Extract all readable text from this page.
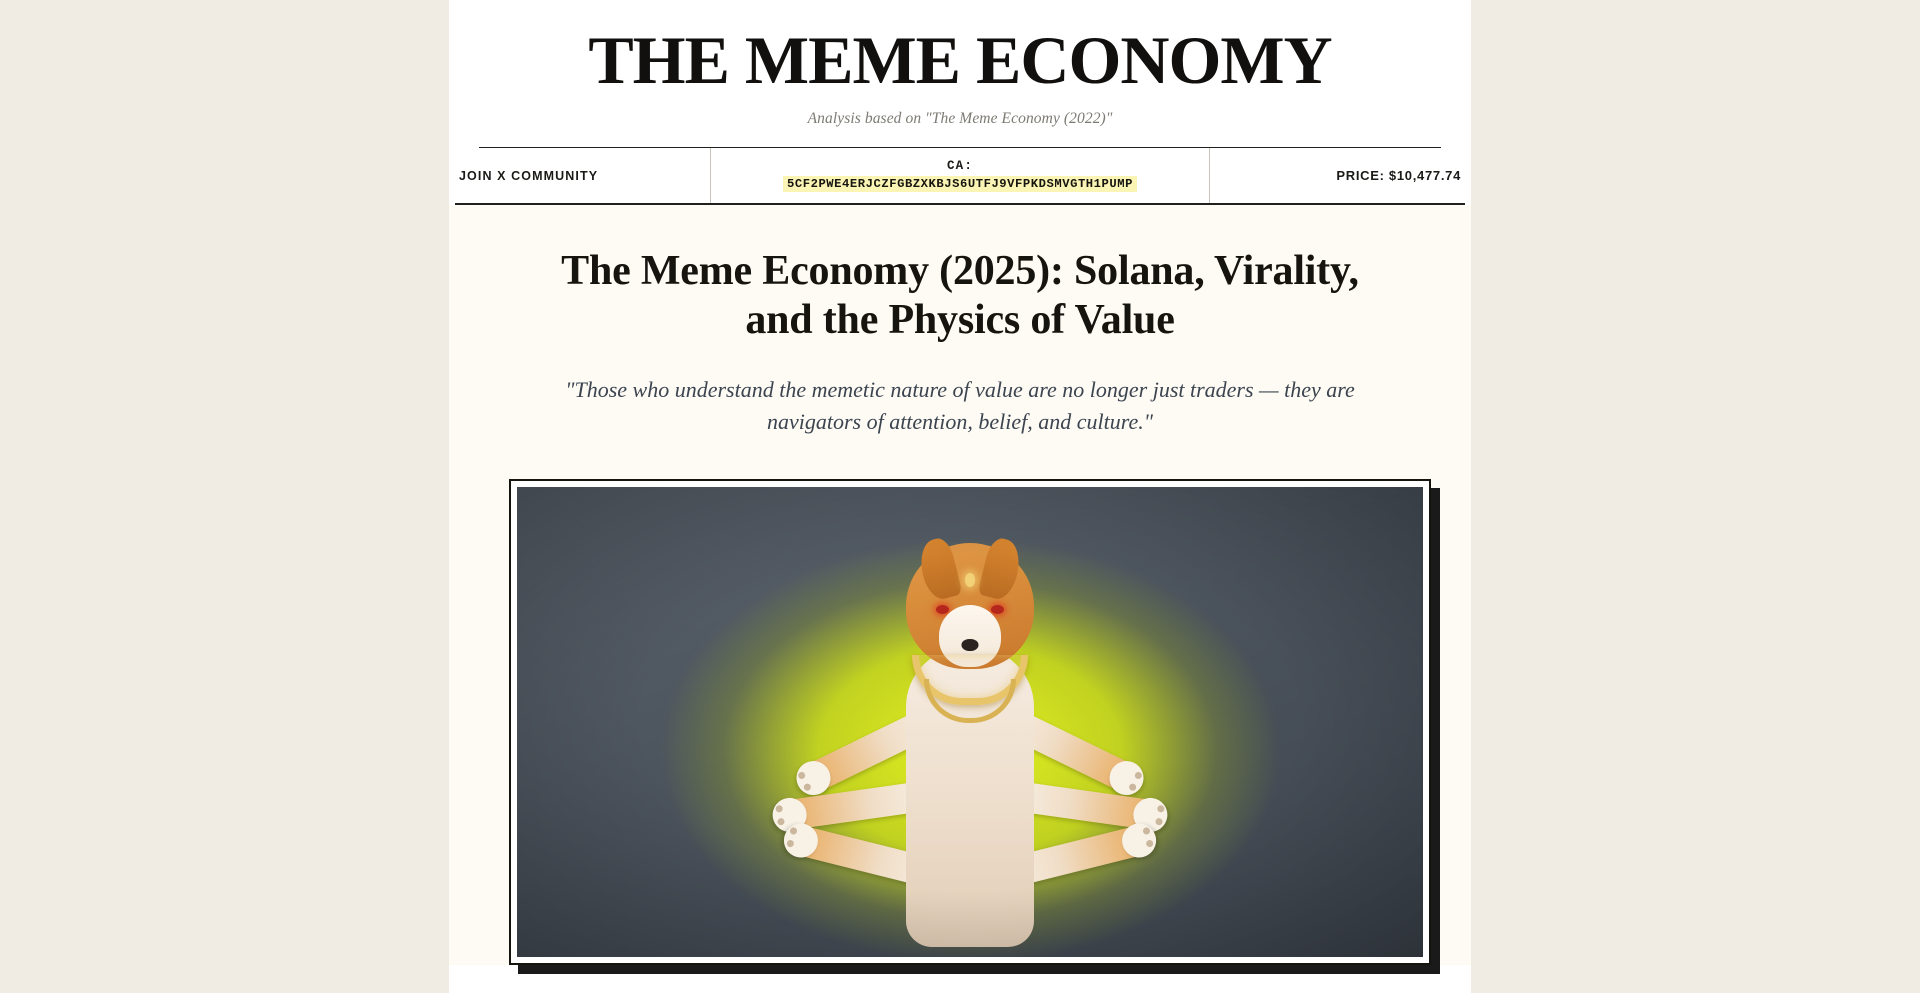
THE MEME ECONOMY
Analysis based on "The Meme Economy (2022)"
JOIN X COMMUNITY
CA:
5CF2PWE4ERJCZFGBZXKBJS6UTFJ9VFPKDSMVGTH1PUMP
PRICE: $10,477.74
The Meme Economy (2025): Solana, Virality, and the Physics of Value

"Those who understand the memetic nature of value are no longer just traders — they are navigators of attention, belief, and culture."
